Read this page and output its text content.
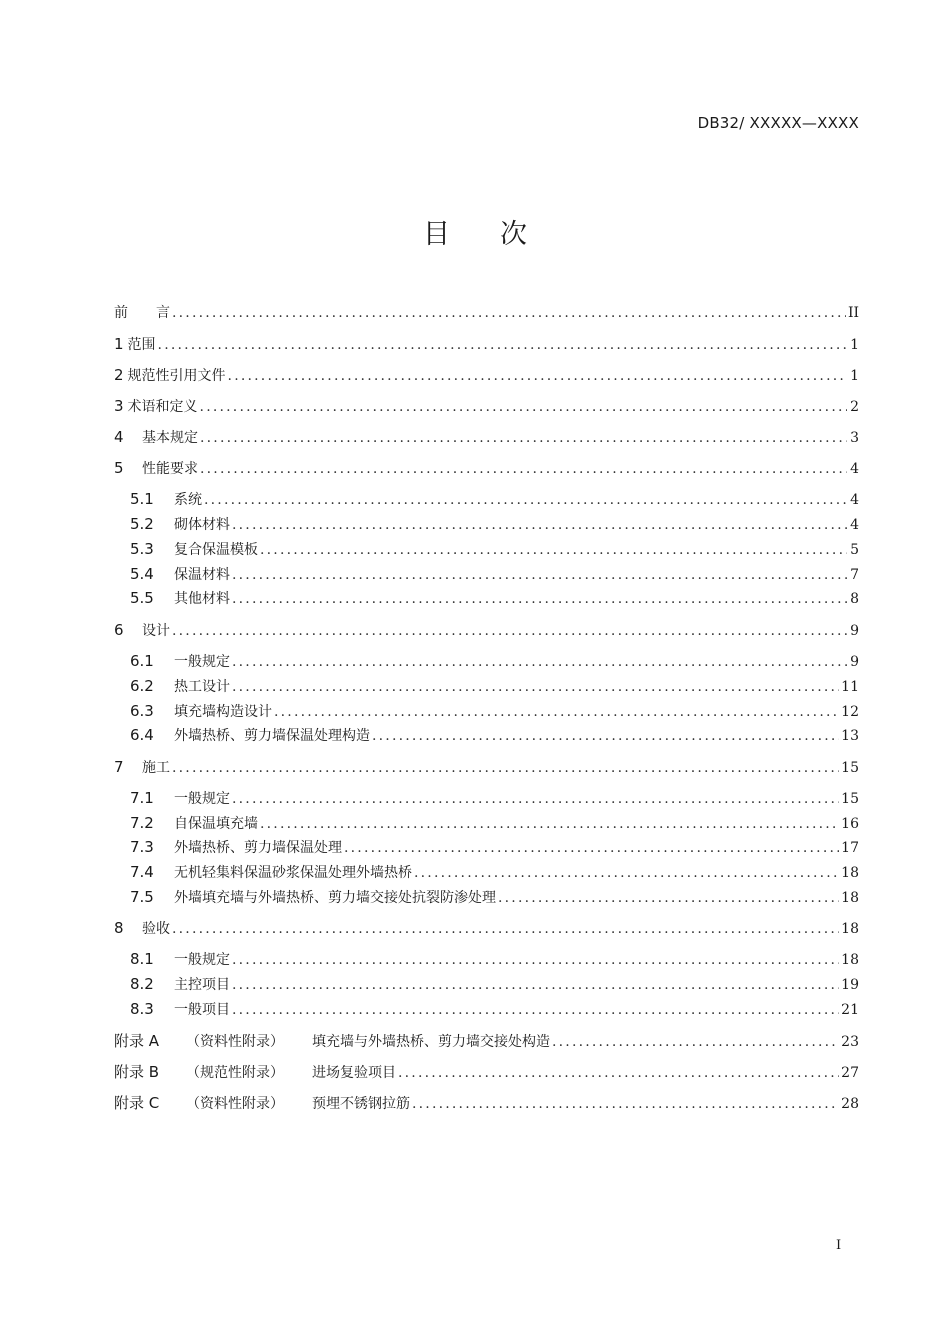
DB32/ XXXXX—XXXX
目 次
前　　言 .....	II
1 范围 .....	1
2 规范性引用文件 .....	1
3 术语和定义 .....	2
4	基本规定 .....	3
5	性能要求 .....	4
5.1	系统 .....	4
5.2	砌体材料 .....	4
5.3	复合保温模板 .....	5
5.4	保温材料 .....	7
5.5	其他材料 .....	8
6	设计 .....	9
6.1	一般规定 .....	9
6.2	热工设计 .....	11
6.3	填充墙构造设计 .....	12
6.4	外墙热桥、剪力墙保温处理构造 .....	13
7	施工 .....	15
7.1	一般规定 .....	15
7.2	自保温填充墙 .....	16
7.3	外墙热桥、剪力墙保温处理 .....	17
7.4	无机轻集料保温砂浆保温处理外墙热桥 .....	18
7.5	外墙填充墙与外墙热桥、剪力墙交接处抗裂防渗处理 .....	18
8	验收 .....	18
8.1	一般规定 .....	18
8.2	主控项目 .....	19
8.3	一般项目 .....	21
附录 A	（资料性附录）	填充墙与外墙热桥、剪力墙交接处构造 .....	23
附录 B	（规范性附录）	进场复验项目 .....	27
附录 C	（资料性附录）	预埋不锈钢拉筋 .....	28
I
